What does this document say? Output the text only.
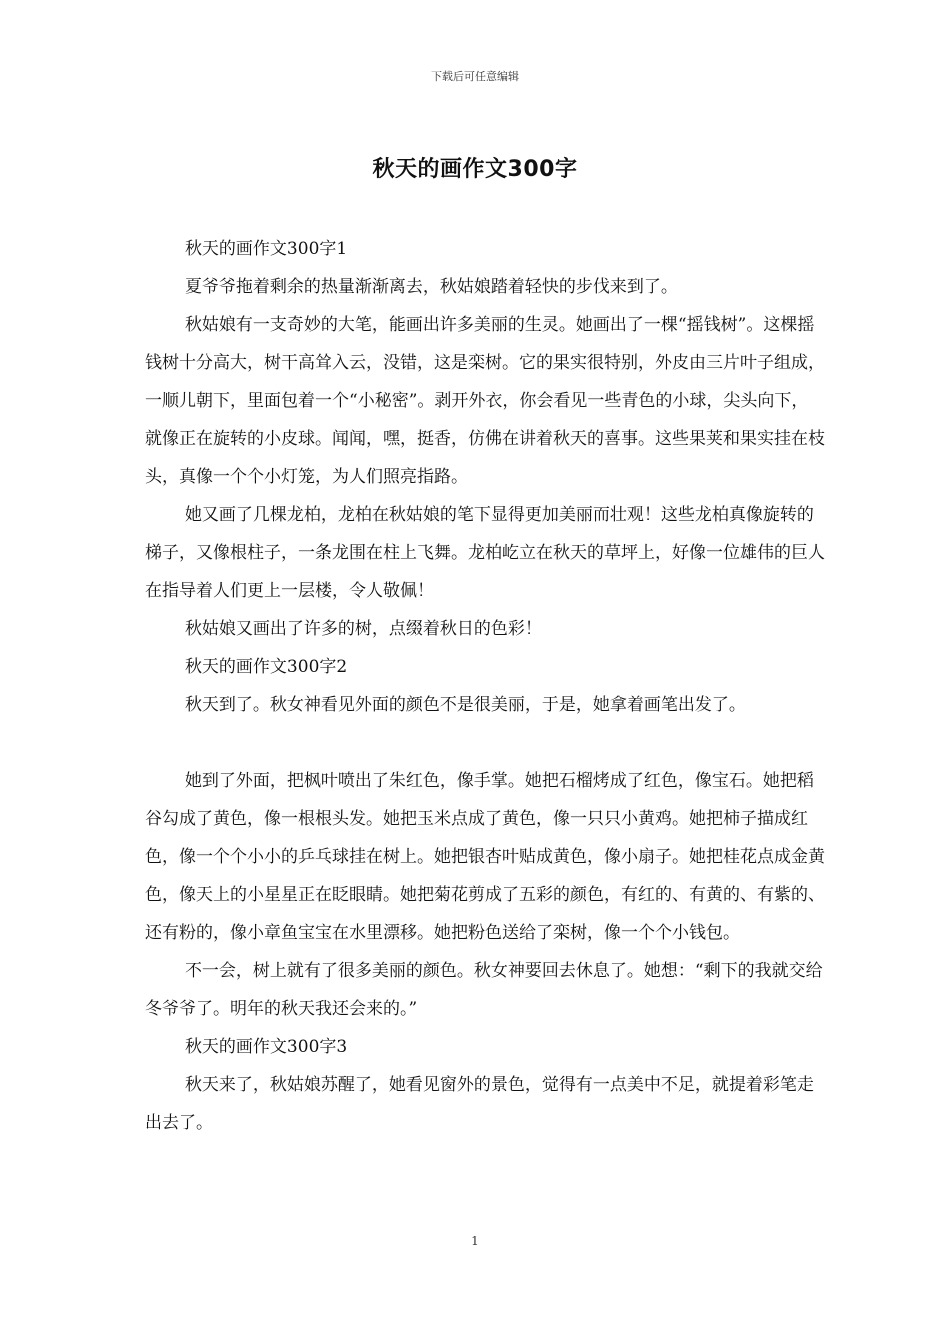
下载后可任意编辑
秋天的画作文300字

秋天的画作文300字1

夏爷爷拖着剩余的热量渐渐离去，秋姑娘踏着轻快的步伐来到了。

秋姑娘有一支奇妙的大笔，能画出许多美丽的生灵。她画出了一棵“摇钱树”。这棵摇钱树十分高大，树干高耸入云，没错，这是栾树。它的果实很特别，外皮由三片叶子组成，一顺儿朝下，里面包着一个“小秘密”。剥开外衣，你会看见一些青色的小球，尖头向下，就像正在旋转的小皮球。闻闻，嘿，挺香，仿佛在讲着秋天的喜事。这些果荚和果实挂在枝头，真像一个个小灯笼，为人们照亮指路。

她又画了几棵龙柏，龙柏在秋姑娘的笔下显得更加美丽而壮观！这些龙柏真像旋转的梯子，又像根柱子，一条龙围在柱上飞舞。龙柏屹立在秋天的草坪上，好像一位雄伟的巨人在指导着人们更上一层楼，令人敬佩！

秋姑娘又画出了许多的树，点缀着秋日的色彩！

秋天的画作文300字2

秋天到了。秋女神看见外面的颜色不是很美丽，于是，她拿着画笔出发了。

她到了外面，把枫叶喷出了朱红色，像手掌。她把石榴烤成了红色，像宝石。她把稻谷勾成了黄色，像一根根头发。她把玉米点成了黄色，像一只只小黄鸡。她把柿子描成红色，像一个个小小的乒乓球挂在树上。她把银杏叶贴成黄色，像小扇子。她把桂花点成金黄色，像天上的小星星正在眨眼睛。她把菊花剪成了五彩的颜色，有红的、有黄的、有紫的、还有粉的，像小章鱼宝宝在水里漂移。她把粉色送给了栾树，像一个个小钱包。

不一会，树上就有了很多美丽的颜色。秋女神要回去休息了。她想：“剩下的我就交给冬爷爷了。明年的秋天我还会来的。”

秋天的画作文300字3

秋天来了，秋姑娘苏醒了，她看见窗外的景色，觉得有一点美中不足，就提着彩笔走出去了。

1
